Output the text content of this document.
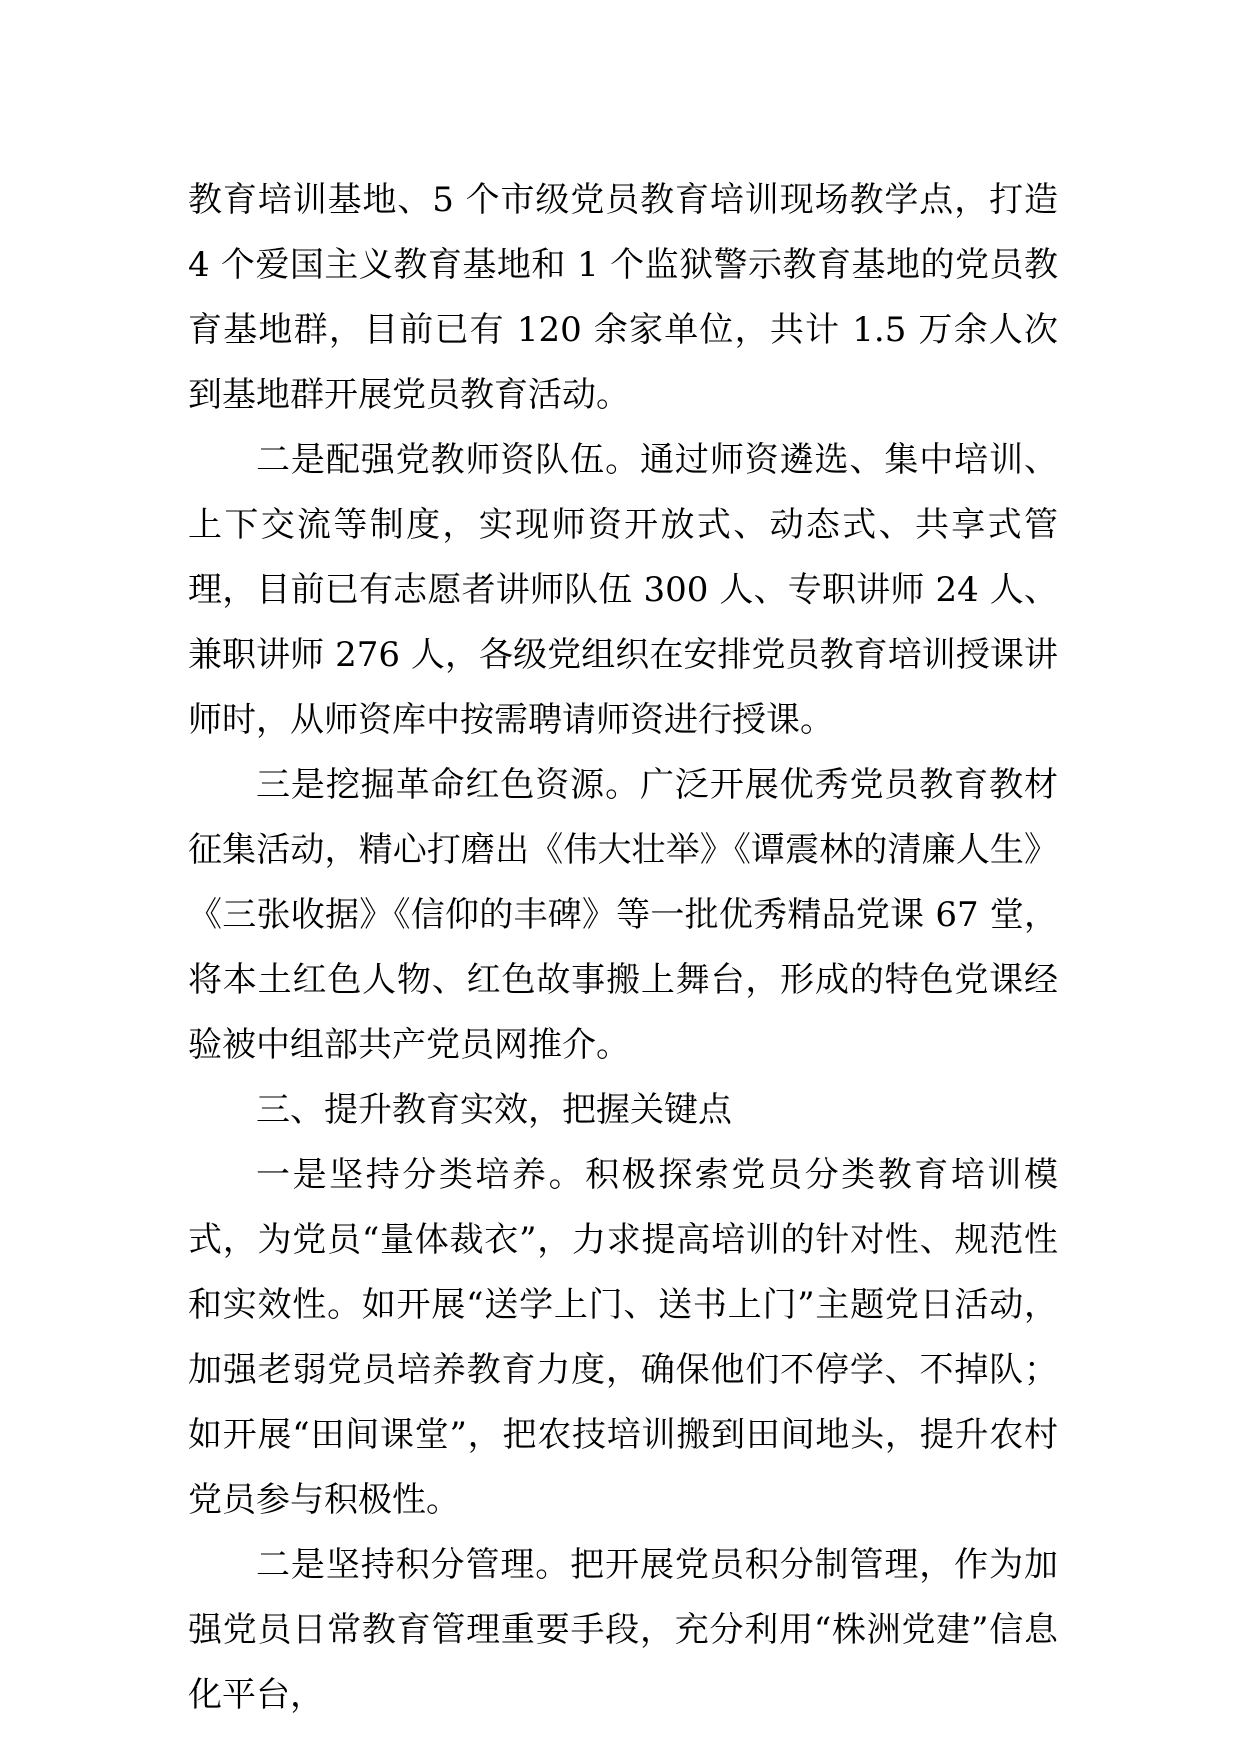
教育培训基地、5 个市级党员教育培训现场教学点，打造 4 个爱国主义教育基地和 1 个监狱警示教育基地的党员教育基地群，目前已有 120 余家单位，共计 1.5 万余人次到基地群开展党员教育活动。

二是配强党教师资队伍。通过师资遴选、集中培训、上下交流等制度，实现师资开放式、动态式、共享式管理，目前已有志愿者讲师队伍 300 人、专职讲师 24 人、兼职讲师 276 人，各级党组织在安排党员教育培训授课讲师时，从师资库中按需聘请师资进行授课。

三是挖掘革命红色资源。广泛开展优秀党员教育教材征集活动，精心打磨出《伟大壮举》《谭震林的清廉人生》《三张收据》《信仰的丰碑》等一批优秀精品党课 67 堂，将本土红色人物、红色故事搬上舞台，形成的特色党课经验被中组部共产党员网推介。

三、提升教育实效，把握关键点

一是坚持分类培养。积极探索党员分类教育培训模式，为党员“量体裁衣”，力求提高培训的针对性、规范性和实效性。如开展“送学上门、送书上门”主题党日活动，加强老弱党员培养教育力度，确保他们不停学、不掉队；如开展“田间课堂”，把农技培训搬到田间地头，提升农村党员参与积极性。

二是坚持积分管理。把开展党员积分制管理，作为加强党员日常教育管理重要手段，充分利用“株洲党建”信息化平台，
